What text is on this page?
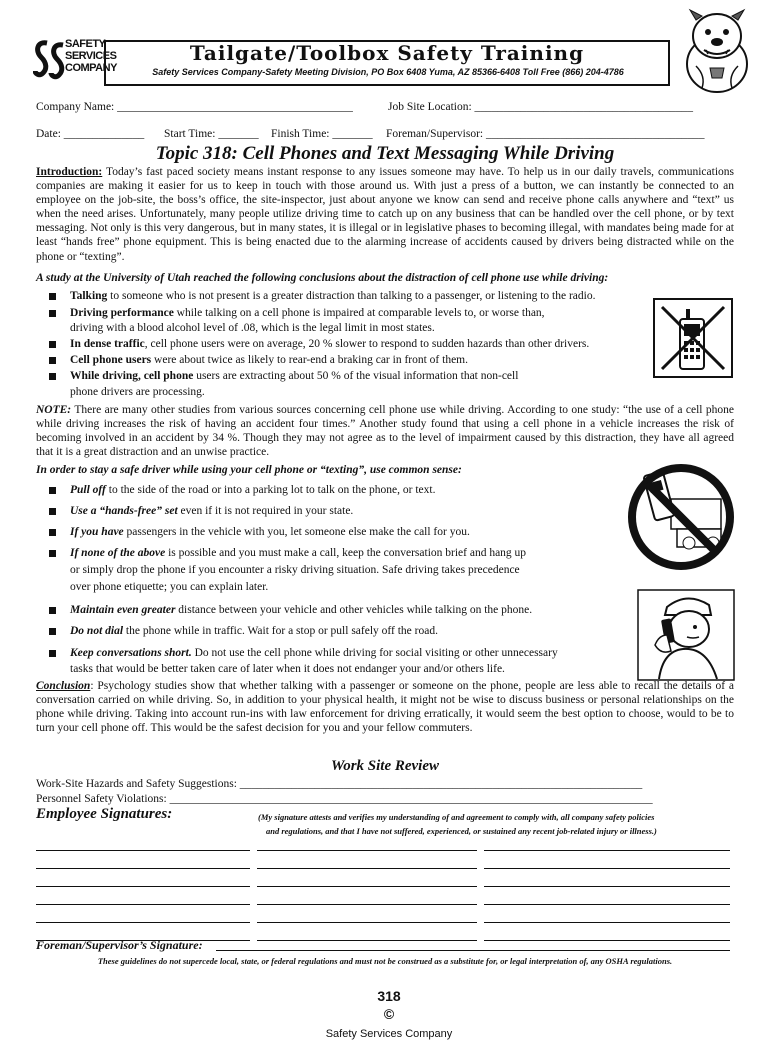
SAFETY
SERVICES
COMPANY
Tailgate/Toolbox Safety Training
Safety Services Company-Safety Meeting Division, PO Box 6408 Yuma, AZ 85366-6408 Toll Free (866) 204-4786
Company Name: _________________________________________	Job Site Location: ______________________________________
Date: ______________ Start Time: _______ Finish Time: _______ Foreman/Supervisor: ______________________________________
Topic 318: Cell Phones and Text Messaging While Driving
Introduction: Today’s fast paced society means instant response to any issues someone may have. To help us in our daily travels, communications companies are making it easier for us to keep in touch with those around us. With just a press of a button, we can instantly be connected to an employee on the job-site, the boss’s office, the site-inspector, just about anyone we know can send and receive phone calls anywhere and “text” us when the need arises. Unfortunately, many people utilize driving time to catch up on any business that can be handled over the cell phone, or by text messaging. Not only is this very dangerous, but in many states, it is illegal or in legislative phases to becoming illegal, with mandates being made for at least “hands free” phone equipment. This is being enacted due to the alarming increase of accidents caused by drivers being distracted while on the phone or “texting”.
A study at the University of Utah reached the following conclusions about the distraction of cell phone use while driving:
Talking to someone who is not present is a greater distraction than talking to a passenger, or listening to the radio.
Driving performance while talking on a cell phone is impaired at comparable levels to, or worse than,
driving with a blood alcohol level of .08, which is the legal limit in most states.
In dense traffic, cell phone users were on average, 20 % slower to respond to sudden hazards than other drivers.
Cell phone users were about twice as likely to rear-end a braking car in front of them.
While driving, cell phone users are extracting about 50 % of the visual information that non-cell
phone drivers are processing.
NOTE: There are many other studies from various sources concerning cell phone use while driving. According to one study: “the use of a cell phone while driving increases the risk of having an accident four times.” Another study found that using a cell phone in a vehicle increases the risk of becoming involved in an accident by 34 %. Though they may not agree as to the level of impairment caused by this distraction, they have all agreed that it is a great distraction and an unwise practice.
In order to stay a safe driver while using your cell phone or “texting”, use common sense:
Pull off to the side of the road or into a parking lot to talk on the phone, or text.
Use a “hands-free” set even if it is not required in your state.
If you have passengers in the vehicle with you, let someone else make the call for you.
If none of the above is possible and you must make a call, keep the conversation brief and hang up
or simply drop the phone if you encounter a risky driving situation. Safe driving takes precedence
over phone etiquette; you can explain later.
Maintain even greater distance between your vehicle and other vehicles while talking on the phone.
Do not dial the phone while in traffic. Wait for a stop or pull safely off the road.
Keep conversations short. Do not use the cell phone while driving for social visiting or other unnecessary
tasks that would be better taken care of later when it does not endanger your and/or others life.
Conclusion: Psychology studies show that whether talking with a passenger or someone on the phone, people are less able to recall the details of a conversation carried on while driving. So, in addition to your physical health, it might not be wise to discuss business or personal relationships on the phone while driving. Taking into account run-ins with law enforcement for driving erratically, it would seem the best option to choose, would to be to turn your cell phone off. This would be the safest decision for you and your fellow commuters.
Work Site Review
Work-Site Hazards and Safety Suggestions: ______________________________________________________________________
Personnel Safety Violations: ____________________________________________________________________________________
Employee Signatures:	(My signature attests and verifies my understanding of and agreement to comply with, all company safety policies
and regulations, and that I have not suffered, experienced, or sustained any recent job-related injury or illness.)
Foreman/Supervisor’s Signature:
These guidelines do not supercede local, state, or federal regulations and must not be construed as a substitute for, or legal interpretation of, any OSHA regulations.

318
©
Safety Services Company
